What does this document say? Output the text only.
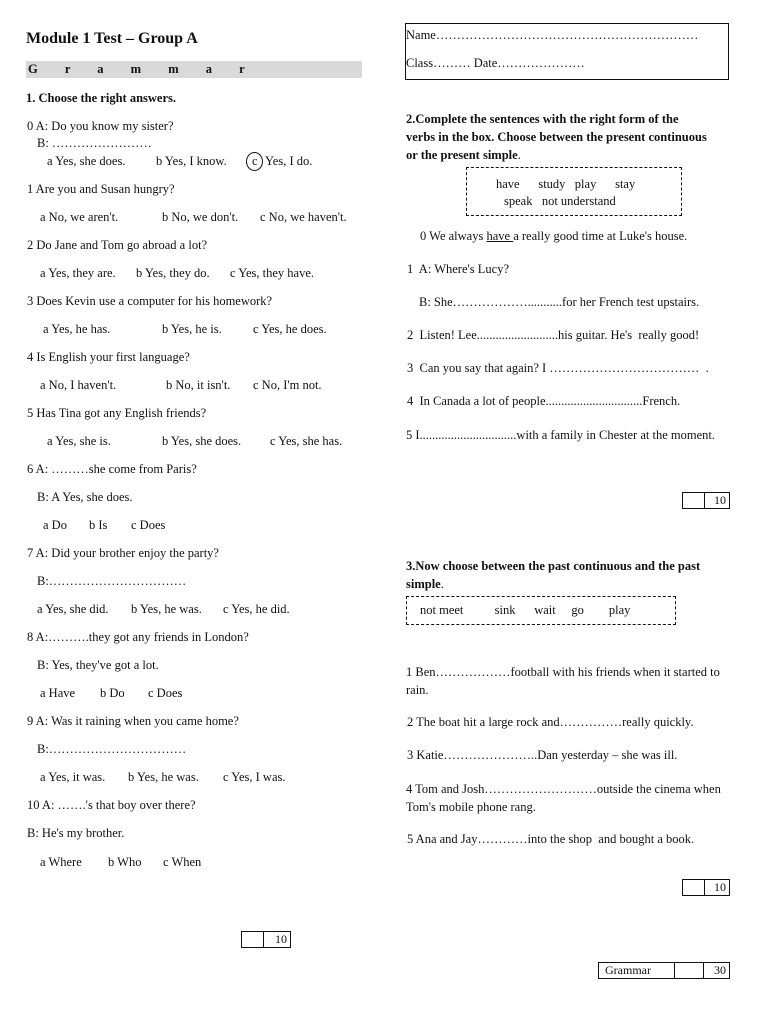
Module 1 Test – Group A
G r a m m a r
1. Choose the right answers.
0 A: Do you know my sister?
B: ……………………
a Yes, she does. b Yes, I know. c Yes, I do.
1 Are you and Susan hungry?
a No, we aren't.	b No, we don't. c No, we haven't.
2 Do Jane and Tom go abroad a lot?
a Yes, they are. b Yes, they do. c Yes, they have.
3 Does Kevin use a computer for his homework?
a Yes, he has.	b Yes, he is.	c Yes, he does.
4 Is English your first language?
a No, I haven't.	b No, it isn't. c No, I'm not.
5 Has Tina got any English friends?
a Yes, she is.	b Yes, she does. c Yes, she has.
6 A: ………she come from Paris?
B: A Yes, she does.
a Do b Is c Does
7 A: Did your brother enjoy the party?
B:……………………………
a Yes, she did. b Yes, he was. c Yes, he did.
8 A:……….they got any friends in London?
B: Yes, they've got a lot.
a Have b Do c Does
9 A: Was it raining when you came home?
B:……………………………
a Yes, it was. b Yes, he was. c Yes, I was.
10 A: …….'s that boy over there?
B: He's my brother.
a Where b Who c When
10
Name………………………………………………………
Class……… Date…………………
2.Complete the sentences with the right form of the
verbs in the box. Choose between the present continuous
or the present simple.
have      study   play      stay
speak   not understand
0 We always have a really good time at Luke's house.
1  A: Where's Lucy?
B: She………………...........for her French test upstairs.
2  Listen! Lee..........................his guitar. He's  really good!
3  Can you say that again? I ………………………………  .
4  In Canada a lot of people...............................French.
5 I...............................with a family in Chester at the moment.
10
3.Now choose between the past continuous and the past simple.
not meet          sink      wait     go        play
1 Ben………………football with his friends when it started to rain.
2 The boat hit a large rock and……………really quickly.
3 Katie…………………..Dan yesterday – she was ill.
4 Tom and Josh………………………outside the cinema when Tom's mobile phone rang.
5 Ana and Jay…………into the shop  and bought a book.
10
Grammar	30
